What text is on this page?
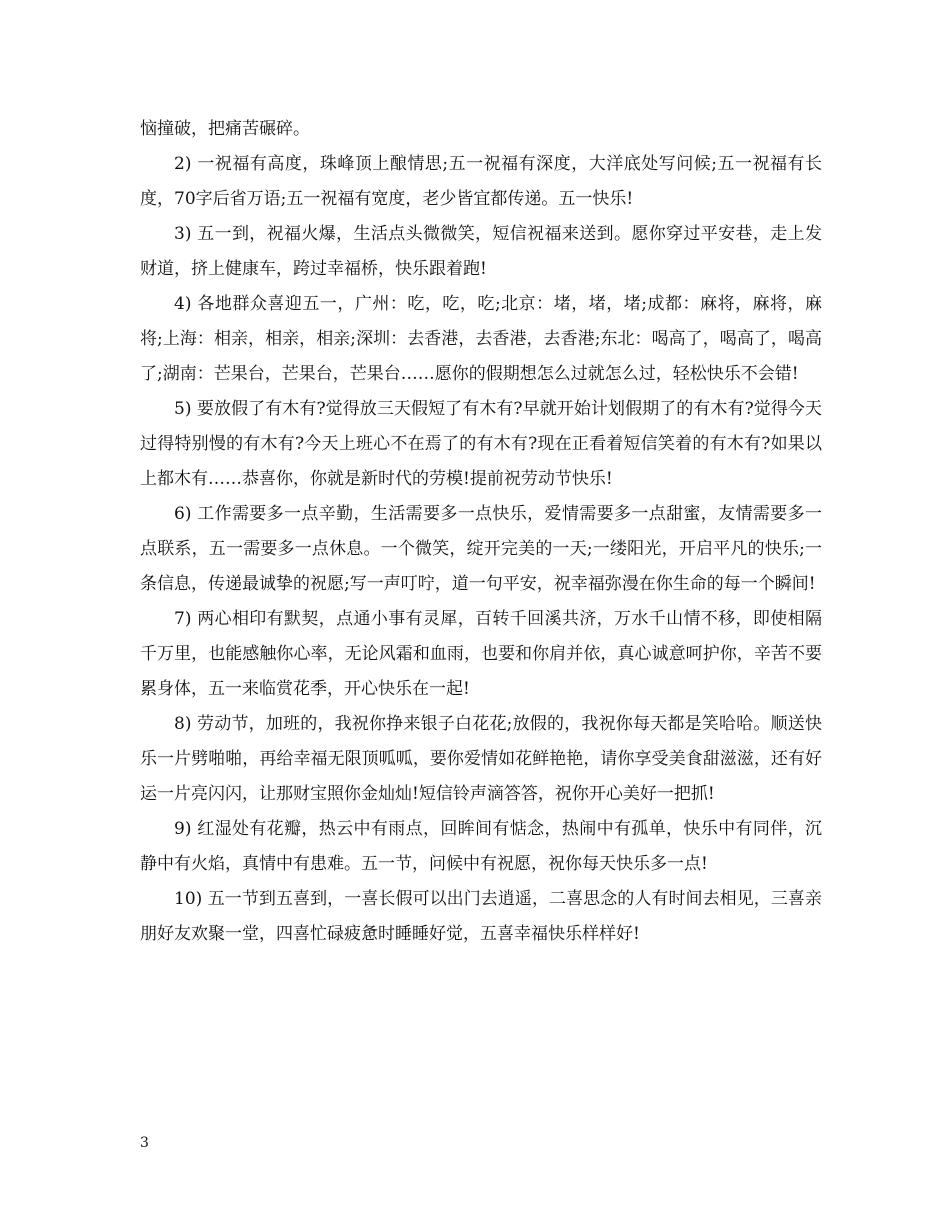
恼撞破，把痛苦碾碎。

2) 一祝福有高度，珠峰顶上酿情思;五一祝福有深度，大洋底处写问候;五一祝福有长度，70字后省万语;五一祝福有宽度，老少皆宜都传递。五一快乐!

3) 五一到，祝福火爆，生活点头微微笑，短信祝福来送到。愿你穿过平安巷，走上发财道，挤上健康车，跨过幸福桥，快乐跟着跑!

4) 各地群众喜迎五一，广州：吃，吃，吃;北京：堵，堵，堵;成都：麻将，麻将，麻将;上海：相亲，相亲，相亲;深圳：去香港，去香港，去香港;东北：喝高了，喝高了，喝高了;湖南：芒果台，芒果台，芒果台……愿你的假期想怎么过就怎么过，轻松快乐不会错!

5) 要放假了有木有?觉得放三天假短了有木有?早就开始计划假期了的有木有?觉得今天过得特别慢的有木有?今天上班心不在焉了的有木有?现在正看着短信笑着的有木有?如果以上都木有……恭喜你，你就是新时代的劳模!提前祝劳动节快乐!

6) 工作需要多一点辛勤，生活需要多一点快乐，爱情需要多一点甜蜜，友情需要多一点联系，五一需要多一点休息。一个微笑，绽开完美的一天;一缕阳光，开启平凡的快乐;一条信息，传递最诚挚的祝愿;写一声叮咛，道一句平安，祝幸福弥漫在你生命的每一个瞬间!

7) 两心相印有默契，点通小事有灵犀，百转千回溪共济，万水千山情不移，即使相隔千万里，也能感触你心率，无论风霜和血雨，也要和你肩并依，真心诚意呵护你，辛苦不要累身体，五一来临赏花季，开心快乐在一起!

8) 劳动节，加班的，我祝你挣来银子白花花;放假的，我祝你每天都是笑哈哈。顺送快乐一片劈啪啪，再给幸福无限顶呱呱，要你爱情如花鲜艳艳，请你享受美食甜滋滋，还有好运一片亮闪闪，让那财宝照你金灿灿!短信铃声滴答答，祝你开心美好一把抓!

9) 红湿处有花瓣，热云中有雨点，回眸间有惦念，热闹中有孤单，快乐中有同伴，沉静中有火焰，真情中有患难。五一节，问候中有祝愿，祝你每天快乐多一点!

10) 五一节到五喜到，一喜长假可以出门去逍遥，二喜思念的人有时间去相见，三喜亲朋好友欢聚一堂，四喜忙碌疲惫时睡睡好觉，五喜幸福快乐样样好!

3
